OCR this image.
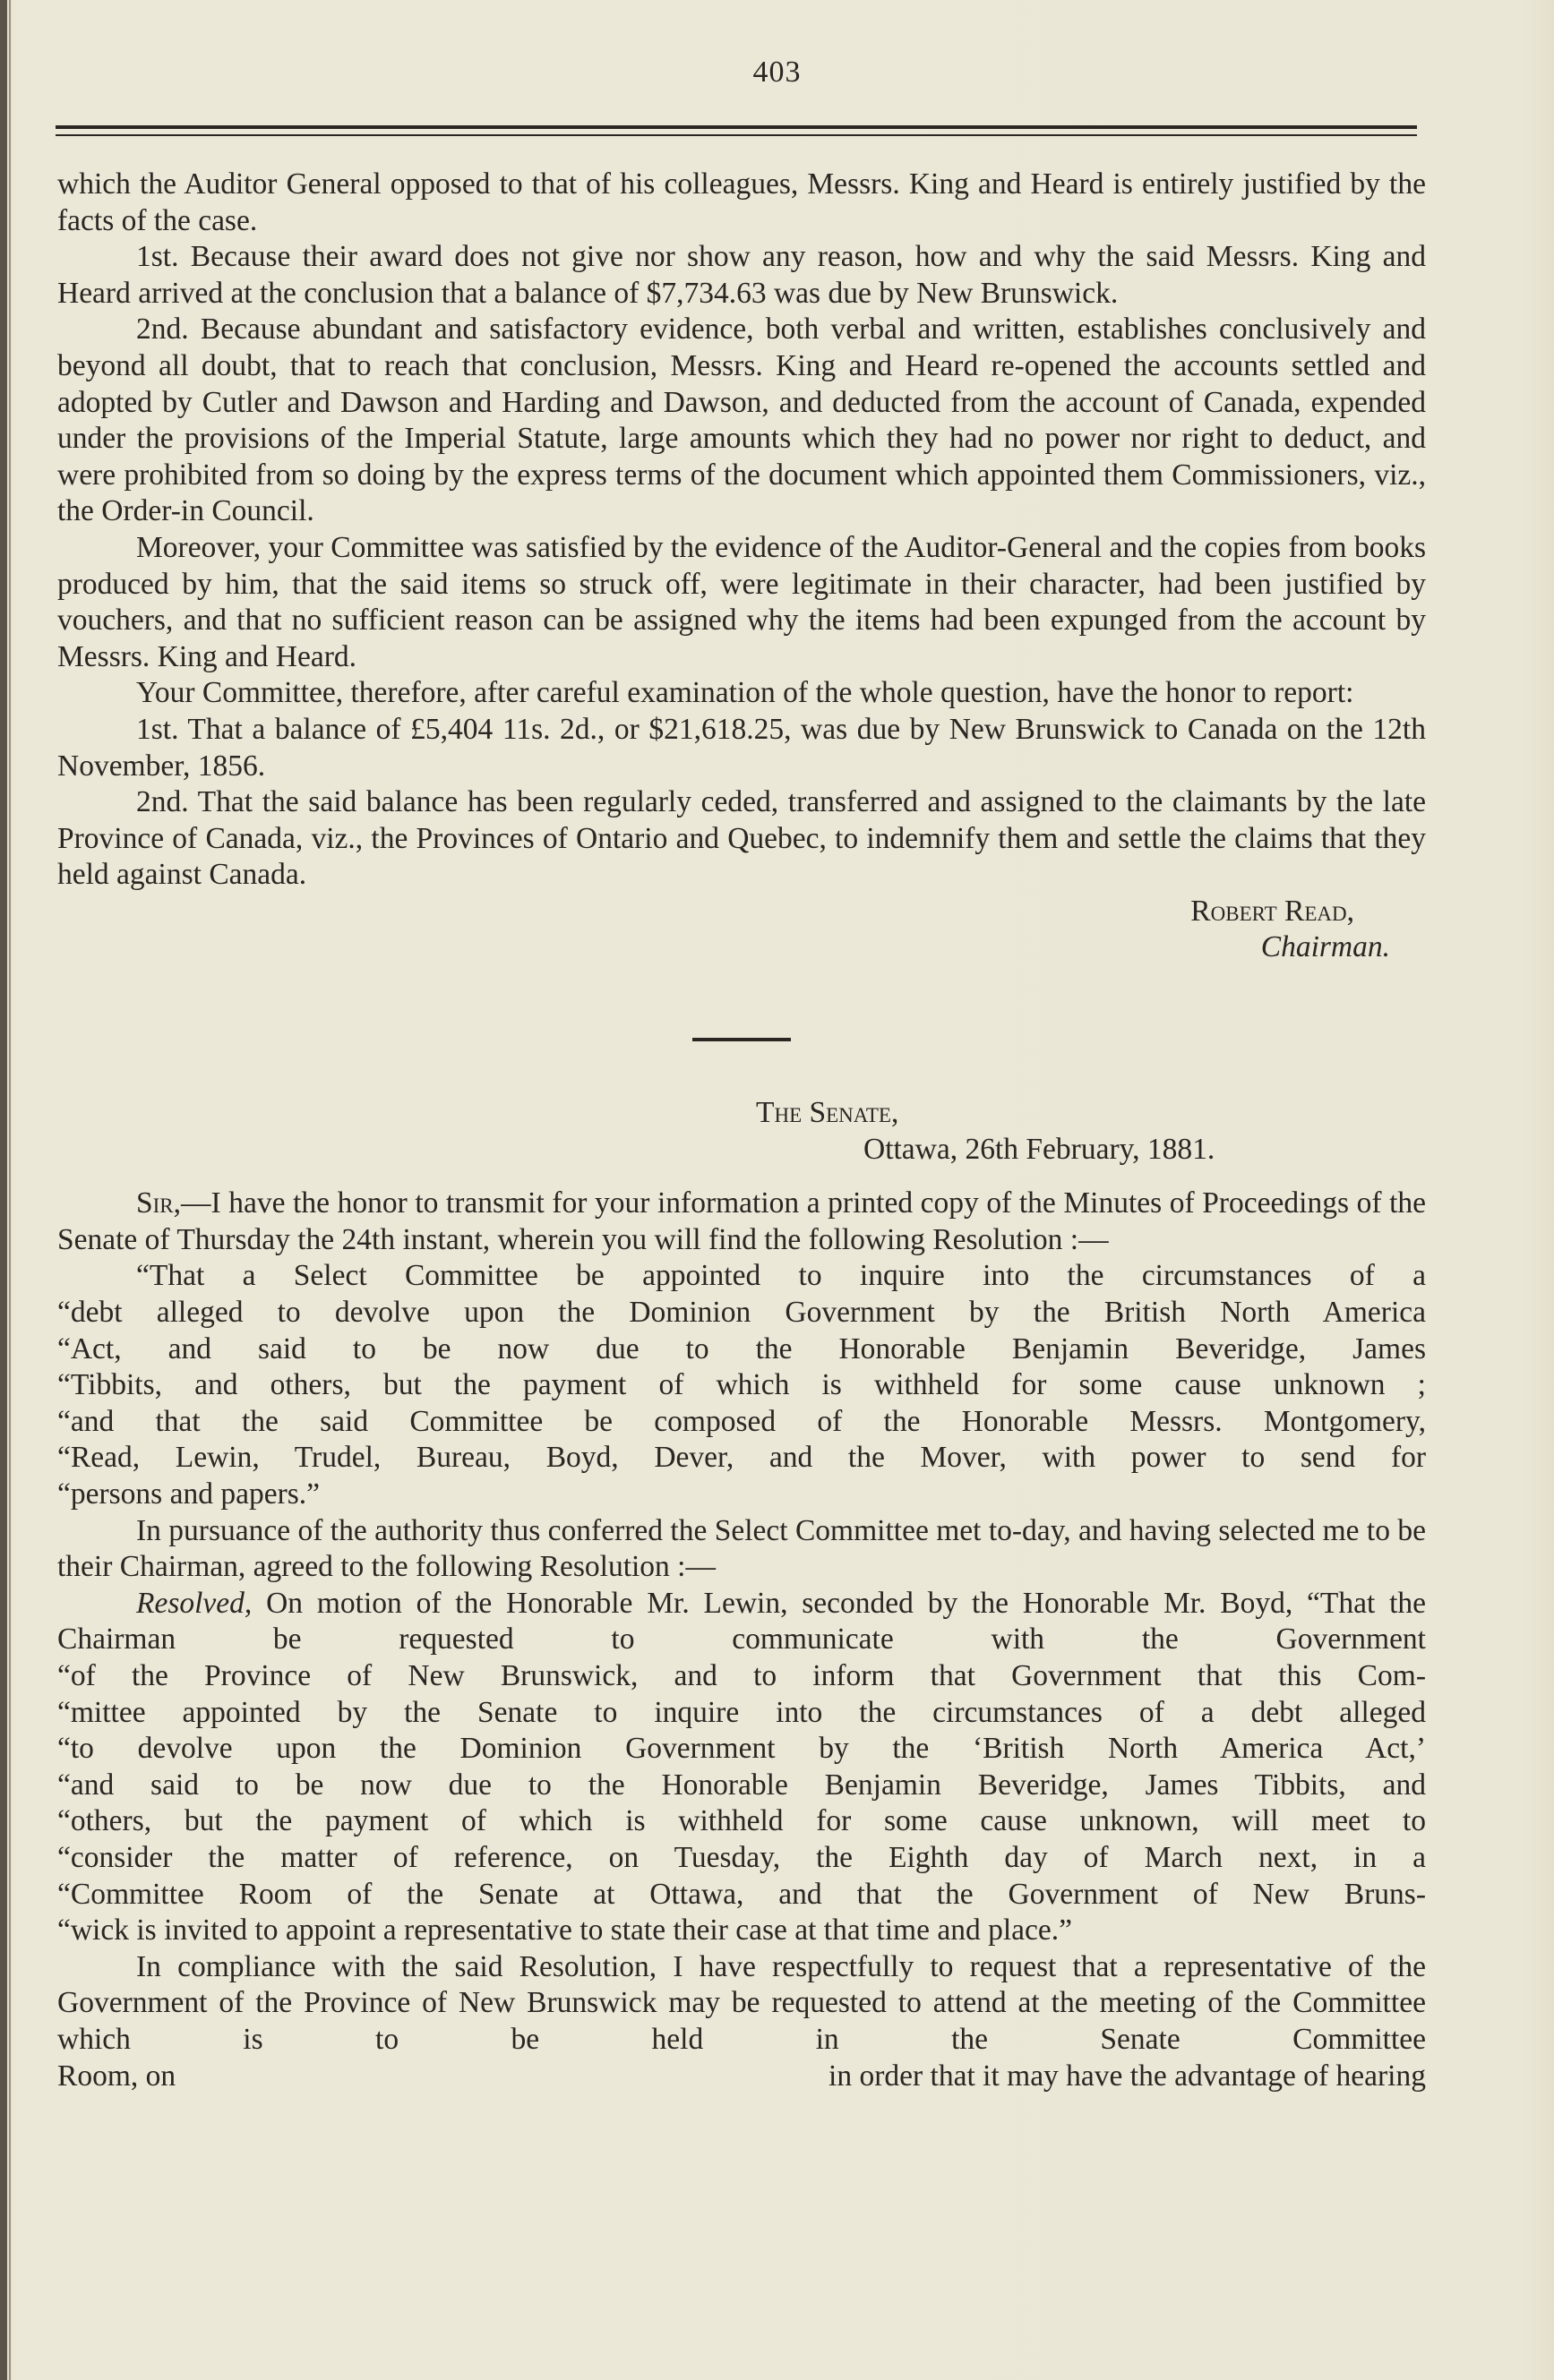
403

which the Auditor General opposed to that of his colleagues, Messrs. King and Heard is entirely justified by the facts of the case.

1st. Because their award does not give nor show any reason, how and why the said Messrs. King and Heard arrived at the conclusion that a balance of $7,734.63 was due by New Brunswick.

2nd. Because abundant and satisfactory evidence, both verbal and written, establishes conclusively and beyond all doubt, that to reach that conclusion, Messrs. King and Heard re-opened the accounts settled and adopted by Cutler and Dawson and Harding and Dawson, and deducted from the account of Canada, expended under the provisions of the Imperial Statute, large amounts which they had no power nor right to deduct, and were prohibited from so doing by the express terms of the document which appointed them Commissioners, viz., the Order-in Council.

Moreover, your Committee was satisfied by the evidence of the Auditor-General and the copies from books produced by him, that the said items so struck off, were legitimate in their character, had been justified by vouchers, and that no sufficient reason can be assigned why the items had been expunged from the account by Messrs. King and Heard.

Your Committee, therefore, after careful examination of the whole question, have the honor to report:

1st. That a balance of £5,404 11s. 2d., or $21,618.25, was due by New Brunswick to Canada on the 12th November, 1856.

2nd. That the said balance has been regularly ceded, transferred and assigned to the claimants by the late Province of Canada, viz., the Provinces of Ontario and Quebec, to indemnify them and settle the claims that they held against Canada.

Robert Read,

Chairman.

The Senate,

Ottawa, 26th February, 1881.

Sir,—I have the honor to transmit for your information a printed copy of the Minutes of Proceedings of the Senate of Thursday the 24th instant, wherein you will find the following Resolution :—

“That a Select Committee be appointed to inquire into the circumstances of a

“debt alleged to devolve upon the Dominion Government by the British North America

“Act, and said to be now due to the Honorable Benjamin Beveridge, James

“Tibbits, and others, but the payment of which is withheld for some cause unknown ;

“and that the said Committee be composed of the Honorable Messrs. Montgomery,

“Read, Lewin, Trudel, Bureau, Boyd, Dever, and the Mover, with power to send for

“persons and papers.”

In pursuance of the authority thus conferred the Select Committee met to-day, and having selected me to be their Chairman, agreed to the following Resolution :—

Resolved, On motion of the Honorable Mr. Lewin, seconded by the Honorable Mr. Boyd, “That the Chairman be requested to communicate with the Government

“of the Province of New Brunswick, and to inform that Government that this Com-

“mittee appointed by the Senate to inquire into the circumstances of a debt alleged

“to devolve upon the Dominion Government by the ‘British North America Act,’

“and said to be now due to the Honorable Benjamin Beveridge, James Tibbits, and

“others, but the payment of which is withheld for some cause unknown, will meet to

“consider the matter of reference, on Tuesday, the Eighth day of March next, in a

“Committee Room of the Senate at Ottawa, and that the Government of New Bruns-

“wick is invited to appoint a representative to state their case at that time and place.”

In compliance with the said Resolution, I have respectfully to request that a representative of the Government of the Province of New Brunswick may be requested to attend at the meeting of the Committee which is to be held in the Senate Committee

Room, on	in order that it may have the advantage of hearing
